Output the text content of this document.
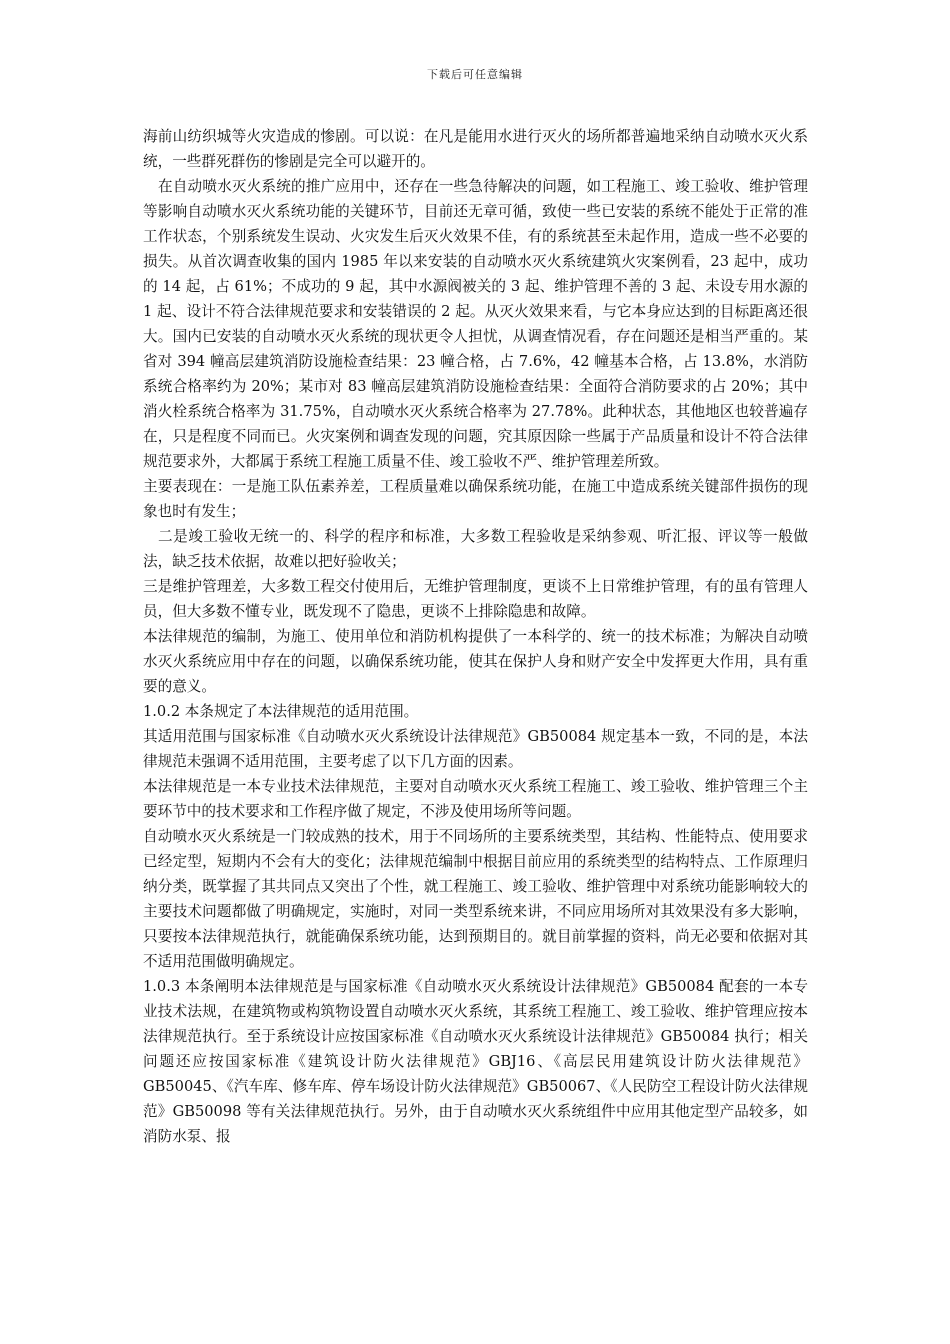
下载后可任意编辑

海前山纺织城等火灾造成的惨剧。可以说：在凡是能用水进行灭火的场所都普遍地采纳自动喷水灭火系统，一些群死群伤的惨剧是完全可以避开的。

在自动喷水灭火系统的推广应用中，还存在一些急待解决的问题，如工程施工、竣工验收、维护管理等影响自动喷水灭火系统功能的关键环节，目前还无章可循，致使一些已安装的系统不能处于正常的准工作状态，个别系统发生误动、火灾发生后灭火效果不佳，有的系统甚至未起作用，造成一些不必要的损失。从首次调查收集的国内 1985 年以来安装的自动喷水灭火系统建筑火灾案例看，23 起中，成功的 14 起，占 61%；不成功的 9 起，其中水源阀被关的 3 起、维护管理不善的 3 起、未设专用水源的 1 起、设计不符合法律规范要求和安装错误的 2 起。从灭火效果来看，与它本身应达到的目标距离还很大。国内已安装的自动喷水灭火系统的现状更令人担忧，从调查情况看，存在问题还是相当严重的。某省对 394 幢高层建筑消防设施检查结果：23 幢合格，占 7.6%，42 幢基本合格，占 13.8%，水消防系统合格率约为 20%；某市对 83 幢高层建筑消防设施检查结果：全面符合消防要求的占 20%；其中消火栓系统合格率为 31.75%，自动喷水灭火系统合格率为 27.78%。此种状态，其他地区也较普遍存在，只是程度不同而已。火灾案例和调查发现的问题，究其原因除一些属于产品质量和设计不符合法律规范要求外，大都属于系统工程施工质量不佳、竣工验收不严、维护管理差所致。

主要表现在：一是施工队伍素养差，工程质量难以确保系统功能，在施工中造成系统关键部件损伤的现象也时有发生；

二是竣工验收无统一的、科学的程序和标准，大多数工程验收是采纳参观、听汇报、评议等一般做法，缺乏技术依据，故难以把好验收关；

三是维护管理差，大多数工程交付使用后，无维护管理制度，更谈不上日常维护管理，有的虽有管理人员，但大多数不懂专业，既发现不了隐患，更谈不上排除隐患和故障。

本法律规范的编制，为施工、使用单位和消防机构提供了一本科学的、统一的技术标准；为解决自动喷水灭火系统应用中存在的问题，以确保系统功能，使其在保护人身和财产安全中发挥更大作用，具有重要的意义。

1.0.2 本条规定了本法律规范的适用范围。

其适用范围与国家标准《自动喷水灭火系统设计法律规范》GB50084 规定基本一致，不同的是，本法律规范未强调不适用范围，主要考虑了以下几方面的因素。

本法律规范是一本专业技术法律规范，主要对自动喷水灭火系统工程施工、竣工验收、维护管理三个主要环节中的技术要求和工作程序做了规定，不涉及使用场所等问题。

自动喷水灭火系统是一门较成熟的技术，用于不同场所的主要系统类型，其结构、性能特点、使用要求已经定型，短期内不会有大的变化；法律规范编制中根据目前应用的系统类型的结构特点、工作原理归纳分类，既掌握了其共同点又突出了个性，就工程施工、竣工验收、维护管理中对系统功能影响较大的主要技术问题都做了明确规定，实施时，对同一类型系统来讲，不同应用场所对其效果没有多大影响，只要按本法律规范执行，就能确保系统功能，达到预期目的。就目前掌握的资料，尚无必要和依据对其不适用范围做明确规定。

1.0.3 本条阐明本法律规范是与国家标准《自动喷水灭火系统设计法律规范》GB50084 配套的一本专业技术法规，在建筑物或构筑物设置自动喷水灭火系统，其系统工程施工、竣工验收、维护管理应按本法律规范执行。至于系统设计应按国家标准《自动喷水灭火系统设计法律规范》GB50084 执行；相关问题还应按国家标准《建筑设计防火法律规范》GBJ16、《高层民用建筑设计防火法律规范》GB50045、《汽车库、修车库、停车场设计防火法律规范》GB50067、《人民防空工程设计防火法律规范》GB50098 等有关法律规范执行。另外，由于自动喷水灭火系统组件中应用其他定型产品较多，如消防水泵、报
